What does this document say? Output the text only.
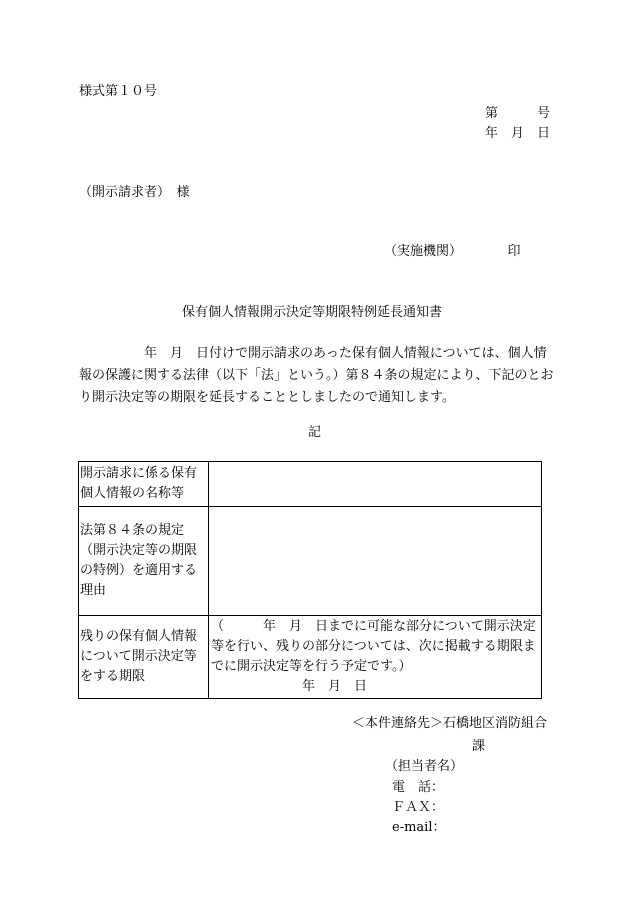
様式第１０号
第　　　号
年　月　日
（開示請求者）　様
（実施機関）　　　　印
保有個人情報開示決定等期限特例延長通知書
　　　　　年　月　日付けで開示請求のあった保有個人情報については、個人情報の保護に関する法律（以下「法」という。）第８４条の規定により、下記のとおり開示決定等の期限を延長することとしましたので通知します。
記
開示請求に係る保有個人情報の名称等	
法第８４条の規定（開示決定等の期限の特例）を適用する理由	
残りの保有個人情報について開示決定等をする期限	（　　　年　月　日までに可能な部分について開示決定等を行い、残りの部分については、次に掲載する期限までに開示決定等を行う予定です。）
　　　　　　　年　月　日
＜本件連絡先＞石橋地区消防組合
課
（担当者名）
電　話：
ＦＡＸ：
e-mail：
